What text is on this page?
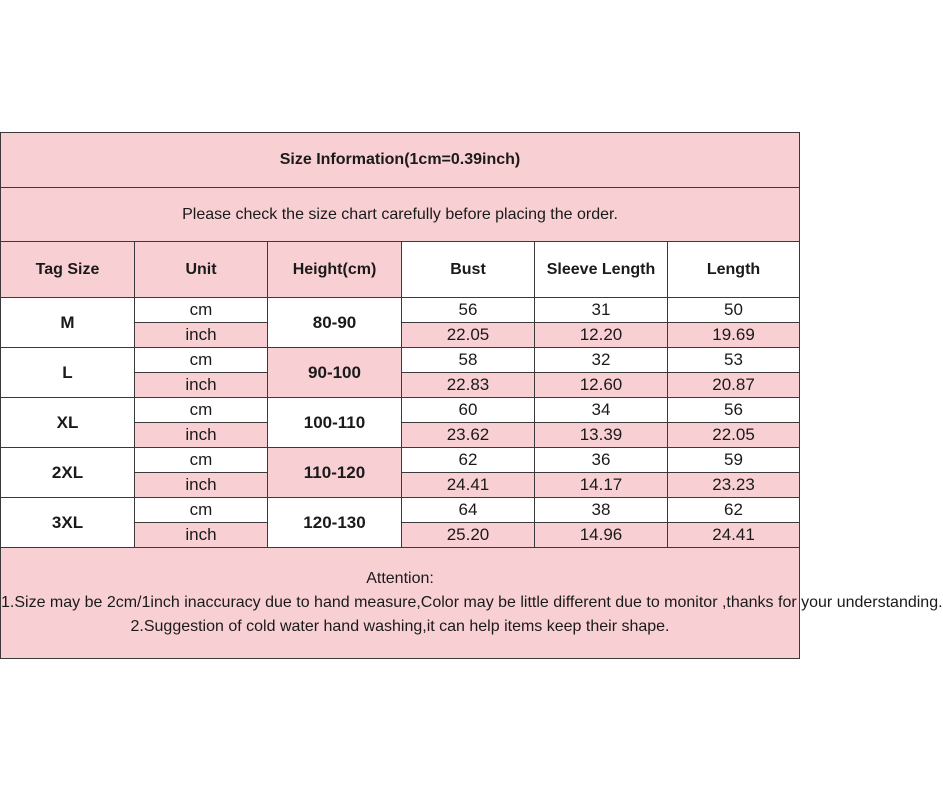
Size Information(1cm=0.39inch)					
Please check the size chart carefully before placing the order.					
Tag Size	Unit	Height(cm)	Bust	Sleeve Length	Length
M	cm	80-90	56	31	50
	inch		22.05	12.20	19.69
L	cm	90-100	58	32	53
	inch		22.83	12.60	20.87
XL	cm	100-110	60	34	56
	inch		23.62	13.39	22.05
2XL	cm	110-120	62	36	59
	inch		24.41	14.17	23.23
3XL	cm	120-130	64	38	62
	inch		25.20	14.96	24.41

Attention:

1.Size may be 2cm/1inch inaccuracy due to hand measure,Color may be little different due to monitor ,thanks for your understanding.

2.Suggestion of cold water hand washing,it can help items keep their shape.					
